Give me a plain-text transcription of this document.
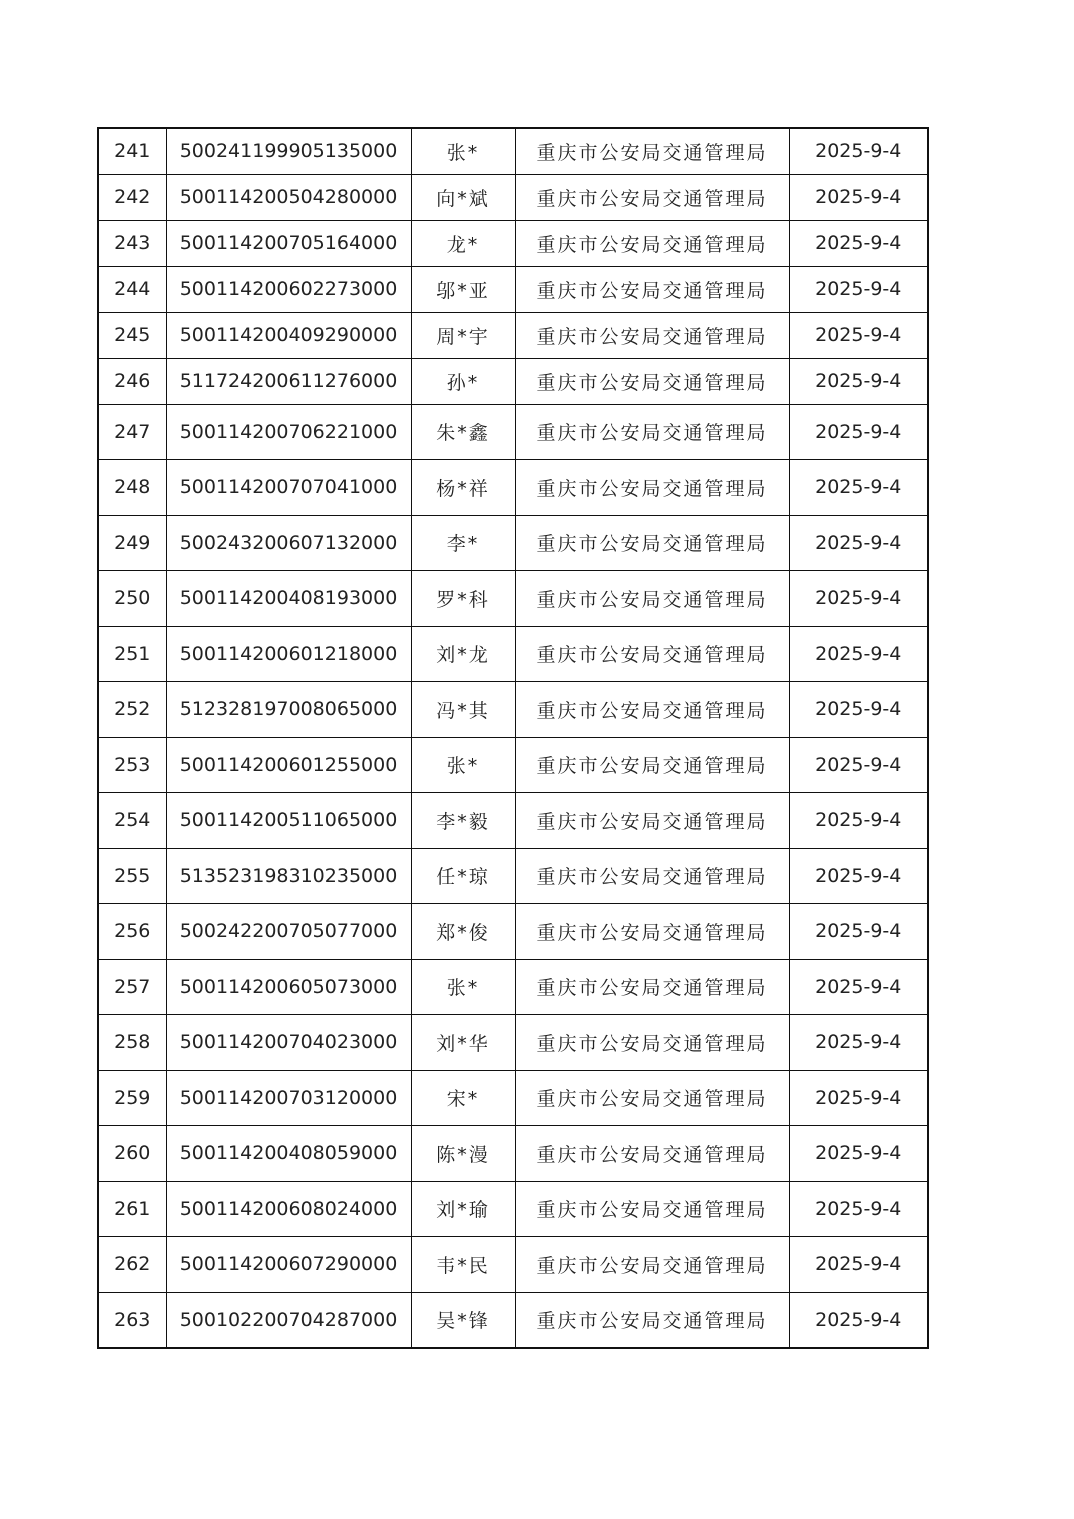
241	500241199905135000	张*	重庆市公安局交通管理局	2025-9-4
242	500114200504280000	向*斌	重庆市公安局交通管理局	2025-9-4
243	500114200705164000	龙*	重庆市公安局交通管理局	2025-9-4
244	500114200602273000	邬*亚	重庆市公安局交通管理局	2025-9-4
245	500114200409290000	周*宇	重庆市公安局交通管理局	2025-9-4
246	511724200611276000	孙*	重庆市公安局交通管理局	2025-9-4
247	500114200706221000	朱*鑫	重庆市公安局交通管理局	2025-9-4
248	500114200707041000	杨*祥	重庆市公安局交通管理局	2025-9-4
249	500243200607132000	李*	重庆市公安局交通管理局	2025-9-4
250	500114200408193000	罗*科	重庆市公安局交通管理局	2025-9-4
251	500114200601218000	刘*龙	重庆市公安局交通管理局	2025-9-4
252	512328197008065000	冯*其	重庆市公安局交通管理局	2025-9-4
253	500114200601255000	张*	重庆市公安局交通管理局	2025-9-4
254	500114200511065000	李*毅	重庆市公安局交通管理局	2025-9-4
255	513523198310235000	任*琼	重庆市公安局交通管理局	2025-9-4
256	500242200705077000	郑*俊	重庆市公安局交通管理局	2025-9-4
257	500114200605073000	张*	重庆市公安局交通管理局	2025-9-4
258	500114200704023000	刘*华	重庆市公安局交通管理局	2025-9-4
259	500114200703120000	宋*	重庆市公安局交通管理局	2025-9-4
260	500114200408059000	陈*漫	重庆市公安局交通管理局	2025-9-4
261	500114200608024000	刘*瑜	重庆市公安局交通管理局	2025-9-4
262	500114200607290000	韦*民	重庆市公安局交通管理局	2025-9-4
263	500102200704287000	吴*锋	重庆市公安局交通管理局	2025-9-4
